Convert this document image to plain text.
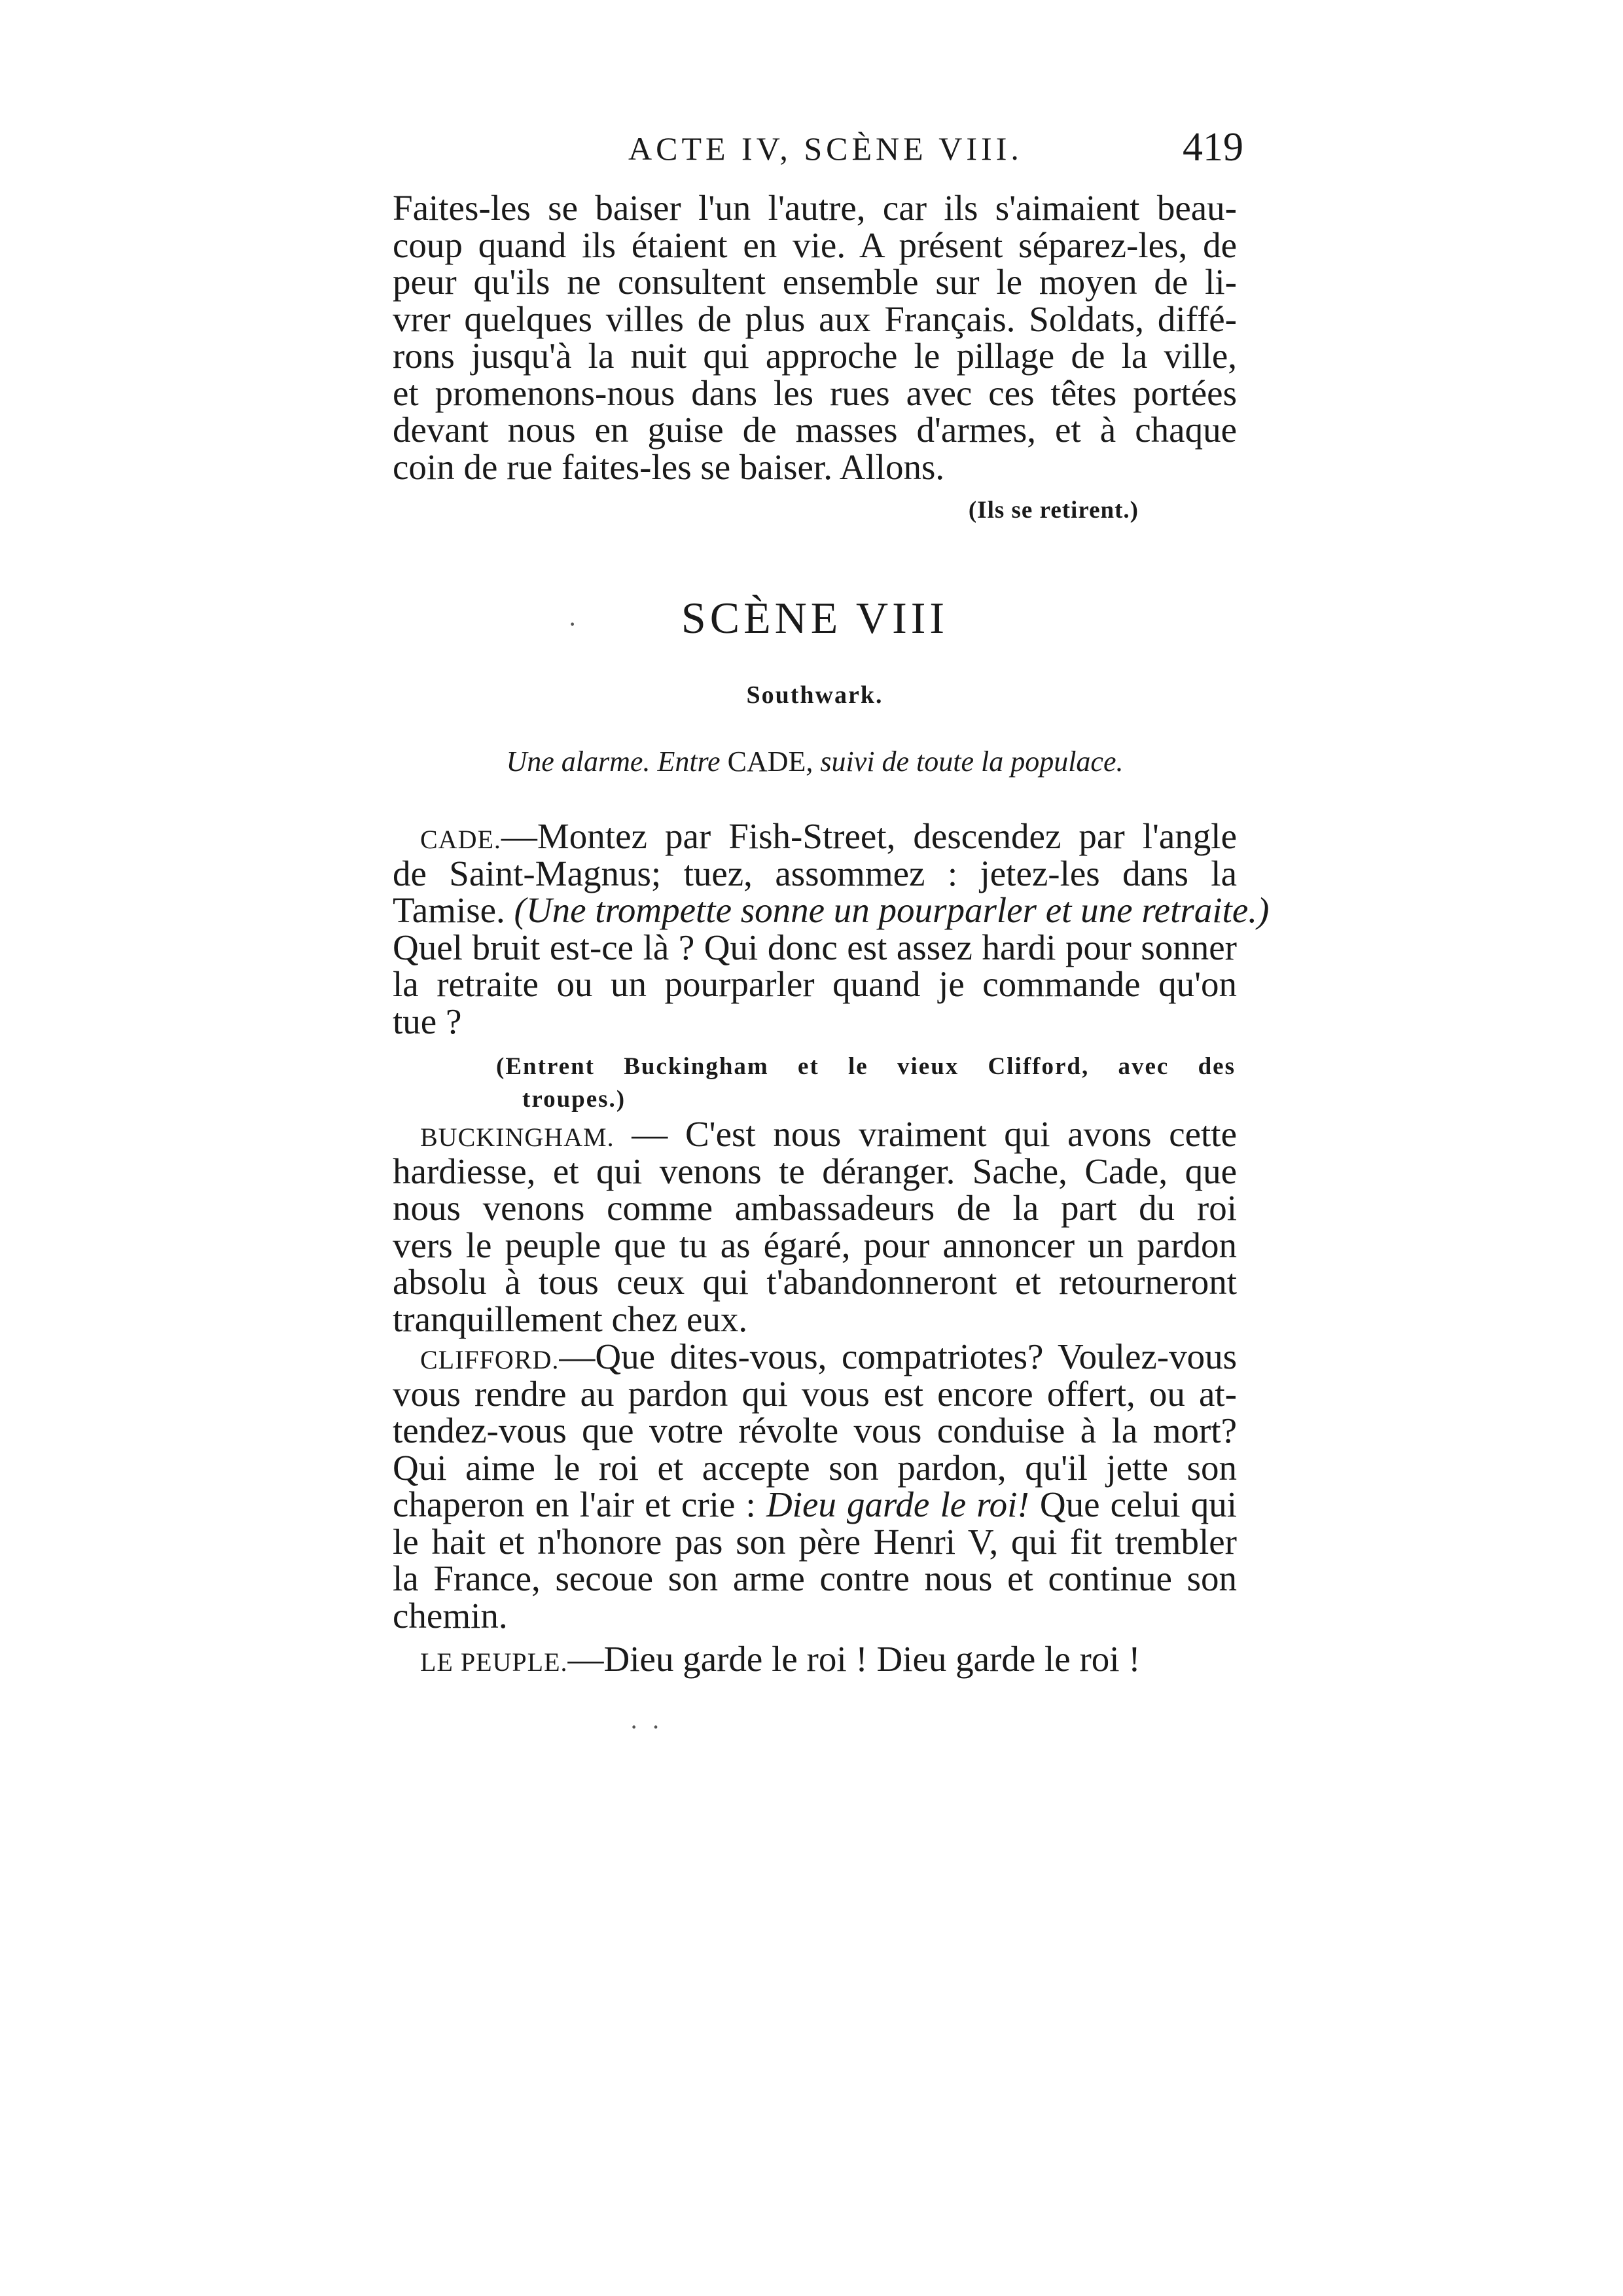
ACTE IV, SCÈNE VIII.	419
Faites-les se baiser l'un l'autre, car ils s'aimaient beau-
coup quand ils étaient en vie. A présent séparez-les, de
peur qu'ils ne consultent ensemble sur le moyen de li-
vrer quelques villes de plus aux Français. Soldats, diffé-
rons jusqu'à la nuit qui approche le pillage de la ville,
et promenons-nous dans les rues avec ces têtes portées
devant nous en guise de masses d'armes, et à chaque
coin de rue faites-les se baiser. Allons.
(Ils se retirent.)
·	SCÈNE VIII
Southwark.
Une alarme. Entre CADE, suivi de toute la populace.
CADE.—Montez par Fish-Street, descendez par l'angle
de Saint-Magnus; tuez, assommez : jetez-les dans la
Tamise. (Une trompette sonne un pourparler et une retraite.)
Quel bruit est-ce là ? Qui donc est assez hardi pour sonner
la retraite ou un pourparler quand je commande qu'on
tue ?
(Entrent Buckingham et le vieux Clifford, avec des
troupes.)
BUCKINGHAM. — C'est nous vraiment qui avons cette
hardiesse, et qui venons te déranger. Sache, Cade, que
nous venons comme ambassadeurs de la part du roi
vers le peuple que tu as égaré, pour annoncer un pardon
absolu à tous ceux qui t'abandonneront et retourneront
tranquillement chez eux.
CLIFFORD.—Que dites-vous, compatriotes? Voulez-vous
vous rendre au pardon qui vous est encore offert, ou at-
tendez-vous que votre révolte vous conduise à la mort?
Qui aime le roi et accepte son pardon, qu'il jette son
chaperon en l'air et crie : Dieu garde le roi! Que celui qui
le hait et n'honore pas son père Henri V, qui fit trembler
la France, secoue son arme contre nous et continue son
chemin.
LE PEUPLE.—Dieu garde le roi ! Dieu garde le roi !
·  ·
